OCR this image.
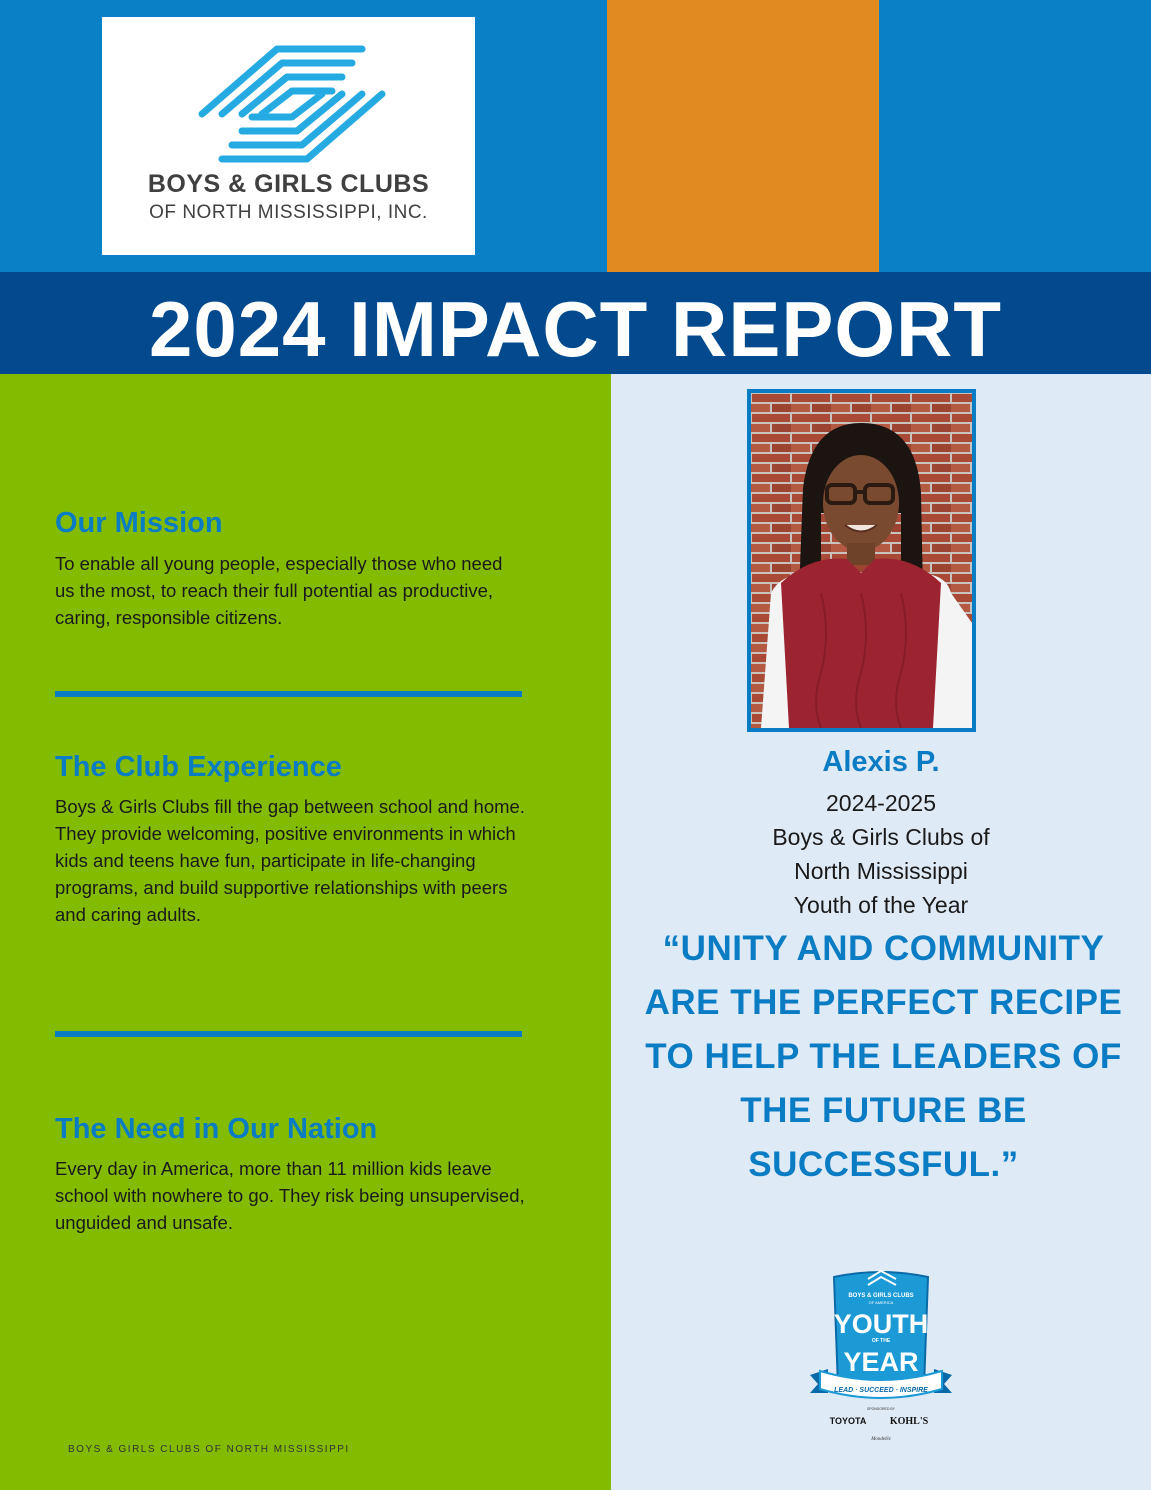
BOYS & GIRLS CLUBS
OF NORTH MISSISSIPPI, INC.
2024 IMPACT REPORT
Our Mission
To enable all young people, especially those who need us the most, to reach their full potential as productive, caring, responsible citizens.
The Club Experience
Boys & Girls Clubs fill the gap between school and home. They provide welcoming, positive environments in which kids and teens have fun, participate in life-changing programs, and build supportive relationships with peers and caring adults.
The Need in Our Nation
Every day in America, more than 11 million kids leave school with nowhere to go. They risk being unsupervised, unguided and unsafe.
BOYS & GIRLS CLUBS OF NORTH MISSISSIPPI
Alexis P.
2024-2025
Boys & Girls Clubs of
North Mississippi
Youth of the Year
“UNITY AND COMMUNITY ARE THE PERFECT RECIPE TO HELP THE LEADERS OF THE FUTURE BE SUCCESSFUL.”
BOYS & GIRLS CLUBS
OF AMERICA
YOUTH
OF THE
YEAR
LEAD · SUCCEED · INSPIRE
SPONSORED BY
TOYOTA KOHL'S
Mondelēz
